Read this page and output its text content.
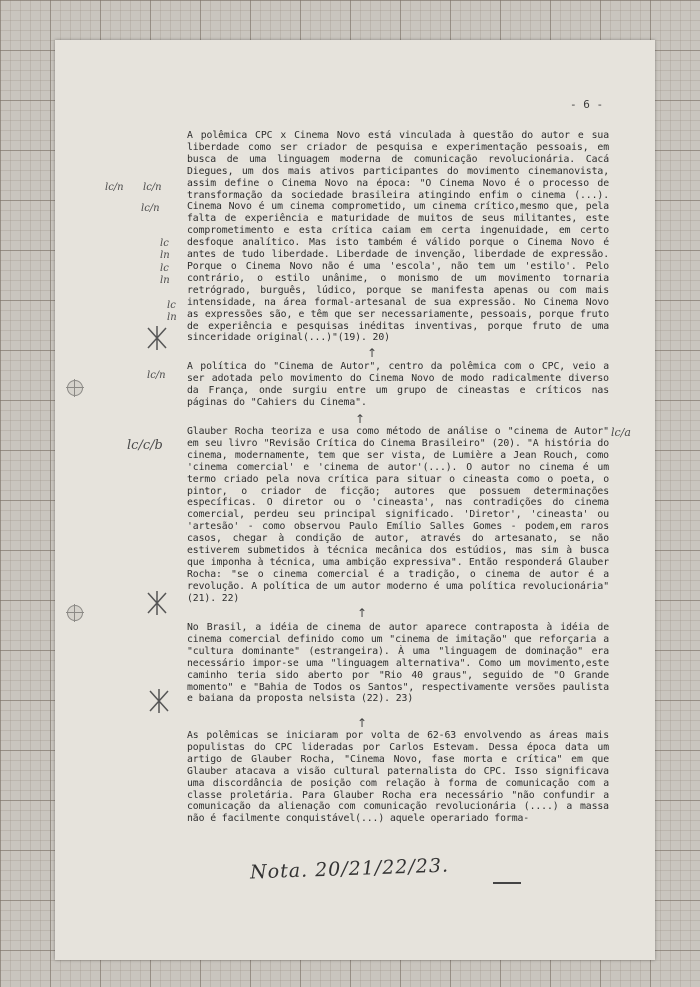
- 6 -
lc/n lc/n
lc/n
lc
ln
lc
ln
lc
ln
lc/n
lc/c/b
lc/a

A polêmica CPC x Cinema Novo está vinculada à questão do autor e sua liberdade como ser criador de pesquisa e experimentação pessoais, em busca de uma linguagem moderna de comunicação revolucionária. Cacá Diegues, um dos mais ativos participantes do movimento cinemanovista, assim define o Cinema Novo na época: "O Cinema Novo é o processo de transformação da sociedade brasileira atingindo enfim o cinema (...). Cinema Novo é um cinema comprometido, um cinema crítico,mesmo que, pela falta de experiência e maturidade de muitos de seus militantes, este comprometimento e esta crítica caiam em certa ingenuidade, em certo desfoque analítico. Mas isto também é válido porque o Cinema Novo é antes de tudo liberdade. Liberdade de invenção, liberdade de expressão. Porque o Cinema Novo não é uma 'escola', não tem um 'estilo'. Pelo contrário, o estilo unânime, o monismo de um movimento tornaria retrógrado, burguês, lúdico, porque se manifesta apenas ou com mais intensidade, na área formal-artesanal de sua expressão. No Cinema Novo as expressões são, e têm que ser necessariamente, pessoais, porque fruto de experiência e pesquisas inéditas inventivas, porque fruto de uma sinceridade original(...)"(19). 20)

↑

A política do "Cinema de Autor", centro da polêmica com o CPC, veio a ser adotada pelo movimento do Cinema Novo de modo radicalmente diverso da França, onde surgiu entre um grupo de cineastas e críticos nas páginas do "Cahiers du Cinema".

↑

Glauber Rocha teoriza e usa como método de análise o "cinema de Autor" em seu livro "Revisão Crítica do Cinema Brasileiro" (20). "A história do cinema, modernamente, tem que ser vista, de Lumière a Jean Rouch, como 'cinema comercial' e 'cinema de autor'(...). O autor no cinema é um termo criado pela nova crítica para situar o cineasta como o poeta, o pintor, o criador de ficção; autores que possuem determinações específicas. O diretor ou o 'cineasta', nas contradições do cinema comercial, perdeu seu principal significado. 'Diretor', 'cineasta' ou 'artesão' - como observou Paulo Emílio Salles Gomes - podem,em raros casos, chegar à condição de autor, através do artesanato, se não estiverem submetidos à técnica mecânica dos estúdios, mas sim à busca que imponha à técnica, uma ambição expressiva". Então responderá Glauber Rocha: "se o cinema comercial é a tradição, o cinema de autor é a revolução. A política de um autor moderno é uma política revolucionária"(21). 22)

↑

No Brasil, a idéia de cinema de autor aparece contraposta à idéia de cinema comercial definido como um "cinema de imitação" que reforçaria a "cultura dominante" (estrangeira). À uma "linguagem de dominação" era necessário impor-se uma "linguagem alternativa". Como um movimento,este caminho teria sido aberto por "Rio 40 graus", seguido de "O Grande momento" e "Bahia de Todos os Santos", respectivamente versões paulista e baiana da proposta nelsista (22). 23)

↑

As polêmicas se iniciaram por volta de 62-63 envolvendo as áreas mais populistas do CPC lideradas por Carlos Estevam. Dessa época data um artigo de Glauber Rocha, "Cinema Novo, fase morta e crítica" em que Glauber atacava a visão cultural paternalista do CPC. Isso significava uma discordância de posição com relação à forma de comunicação com a classe proletária. Para Glauber Rocha era necessário "não confundir a comunicação da alienação com comunicação revolucionária (....) a massa não é facilmente conquistável(...) aquele operariado forma-

Nota. 20/21/22/23.
